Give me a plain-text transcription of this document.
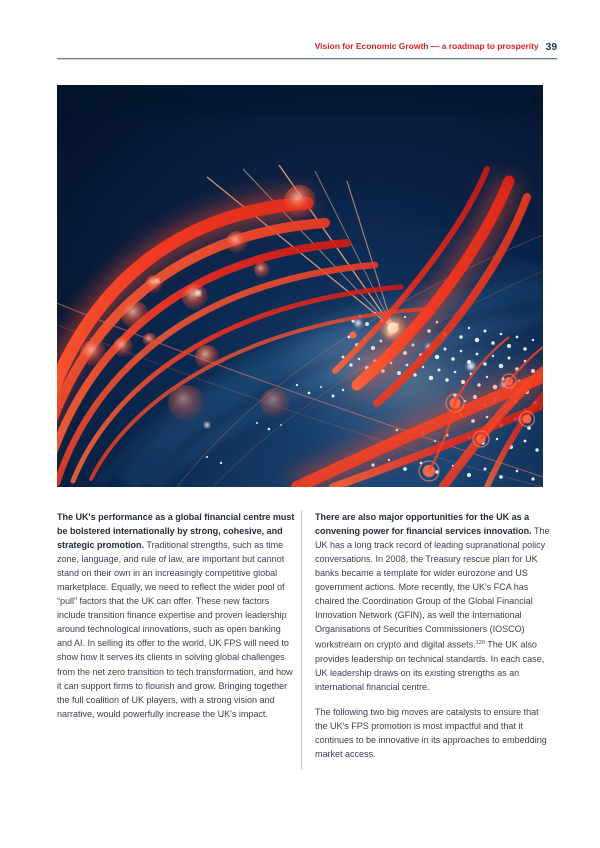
Vision for Economic Growth — a roadmap to prosperity 39

The UK's performance as a global financial centre must be bolstered internationally by strong, cohesive, and strategic promotion. Traditional strengths, such as time zone, language, and rule of law, are important but cannot stand on their own in an increasingly competitive global marketplace. Equally, we need to reflect the wider pool of “pull” factors that the UK can offer. These new factors include transition finance expertise and proven leadership around technological innovations, such as open banking and AI. In selling its offer to the world, UK FPS will need to show how it serves its clients in solving global challenges from the net zero transition to tech transformation, and how it can support firms to flourish and grow. Bringing together the full coalition of UK players, with a strong vision and narrative, would powerfully increase the UK's impact.

There are also major opportunities for the UK as a convening power for financial services innovation. The UK has a long track record of leading supranational policy conversations. In 2008, the Treasury rescue plan for UK banks became a template for wider eurozone and US government actions. More recently, the UK's FCA has chaired the Coordination Group of the Global Financial Innovation Network (GFIN), as well the International Organisations of Securities Commissioners (IOSCO) workstream on crypto and digital assets.$^{120}$ The UK also provides leadership on technical standards. In each case, UK leadership draws on its existing strengths as an international financial centre.

The following two big moves are catalysts to ensure that the UK's FPS promotion is most impactful and that it continues to be innovative in its approaches to embedding market access.
